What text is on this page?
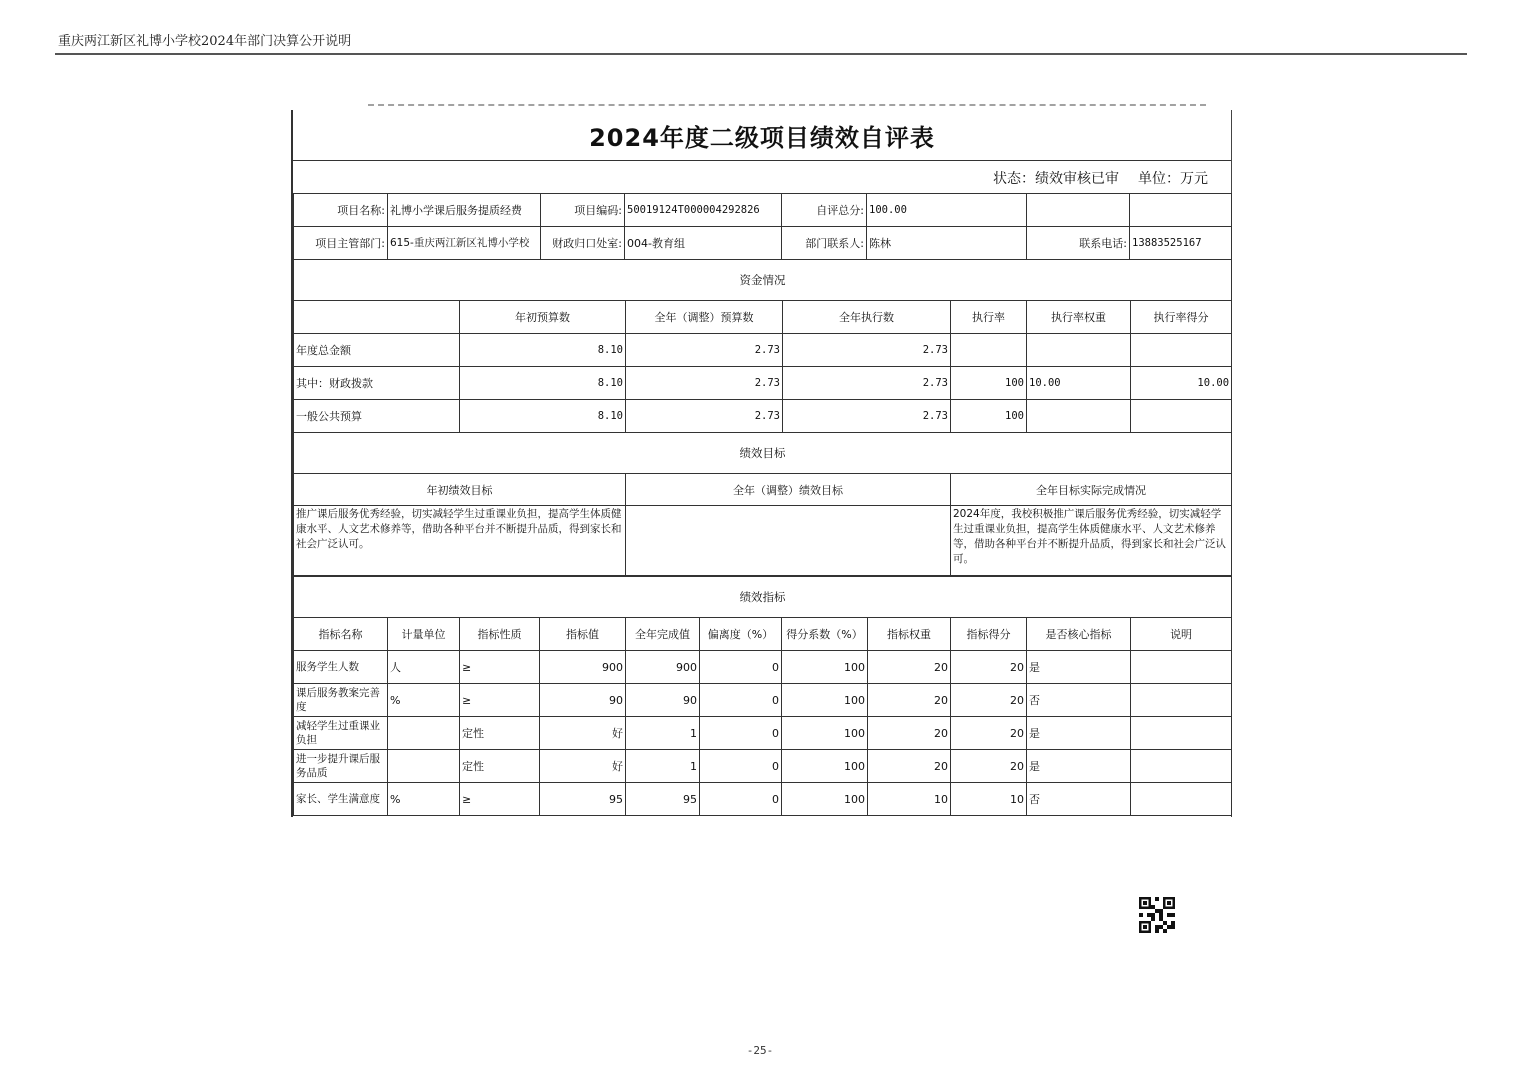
重庆两江新区礼博小学校2024年部门决算公开说明
2024年度二级项目绩效自评表
状态：绩效审核已审 单位：万元
项目名称:	礼博小学课后服务提质经费	项目编码:	50019124T000004292826	自评总分:	100.00		
项目主管部门:	615-重庆两江新区礼博小学校	财政归口处室:	004-教育组	部门联系人:	陈林	联系电话:	13883525167
资金情况						
	年初预算数	全年（调整）预算数	全年执行数	执行率	执行率权重	执行率得分
年度总金额	8.10	2.73	2.73			
其中：财政拨款	8.10	2.73	2.73	100	10.00	10.00
一般公共预算	8.10	2.73	2.73	100		
绩效目标		
年初绩效目标	全年（调整）绩效目标	全年目标实际完成情况
推广课后服务优秀经验，切实减轻学生过重课业负担，提高学生体质健康水平、人文艺术修养等，借助各种平台并不断提升品质，得到家长和社会广泛认可。		2024年度，我校积极推广课后服务优秀经验，切实减轻学生过重课业负担，提高学生体质健康水平、人文艺术修养等，借助各种平台并不断提升品质，得到家长和社会广泛认可。
绩效指标										
指标名称	计量单位	指标性质	指标值	全年完成值	偏离度（%）	得分系数（%）	指标权重	指标得分	是否核心指标	说明
服务学生人数	人	≥	900	900	0	100	20	20	是	
课后服务教案完善度	%	≥	90	90	0	100	20	20	否	
减轻学生过重课业负担		定性	好	1	0	100	20	20	是	
进一步提升课后服务品质		定性	好	1	0	100	20	20	是	
家长、学生满意度	%	≥	95	95	0	100	10	10	否	
-25-
